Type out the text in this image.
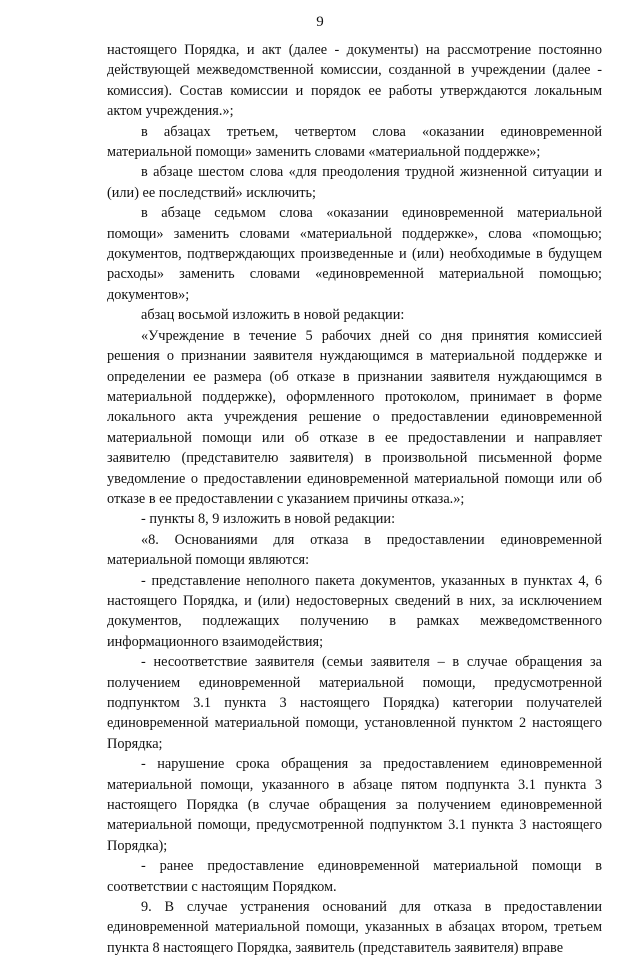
9

настоящего Порядка, и акт (далее - документы) на рассмотрение постоянно действующей межведомственной комиссии, созданной в учреждении (далее - комиссия). Состав комиссии и порядок ее работы утверждаются локальным актом учреждения.»;

в абзацах третьем, четвертом слова «оказании единовременной материальной помощи» заменить словами «материальной поддержке»;

в абзаце шестом слова «для преодоления трудной жизненной ситуации и (или) ее последствий» исключить;

в абзаце седьмом слова «оказании единовременной материальной помощи» заменить словами «материальной поддержке», слова «помощью; документов, подтверждающих произведенные и (или) необходимые в будущем расходы» заменить словами «единовременной материальной помощью; документов»;

абзац восьмой изложить в новой редакции:

«Учреждение в течение 5 рабочих дней со дня принятия комиссией решения о признании заявителя нуждающимся в материальной поддержке и определении ее размера (об отказе в признании заявителя нуждающимся в материальной поддержке), оформленного протоколом, принимает в форме локального акта учреждения решение о предоставлении единовременной материальной помощи или об отказе в ее предоставлении и направляет заявителю (представителю заявителя) в произвольной письменной форме уведомление о предоставлении единовременной материальной помощи или об отказе в ее предоставлении с указанием причины отказа.»;

- пункты 8, 9 изложить в новой редакции:

«8. Основаниями для отказа в предоставлении единовременной материальной помощи являются:

- представление неполного пакета документов, указанных в пунктах 4, 6 настоящего Порядка, и (или) недостоверных сведений в них, за исключением документов, подлежащих получению в рамках межведомственного информационного взаимодействия;

- несоответствие заявителя (семьи заявителя – в случае обращения за получением единовременной материальной помощи, предусмотренной подпунктом 3.1 пункта 3 настоящего Порядка) категории получателей единовременной материальной помощи, установленной пунктом 2 настоящего Порядка;

- нарушение срока обращения за предоставлением единовременной материальной помощи, указанного в абзаце пятом подпункта 3.1 пункта 3 настоящего Порядка (в случае обращения за получением единовременной материальной помощи, предусмотренной подпунктом 3.1 пункта 3 настоящего Порядка);

- ранее предоставление единовременной материальной помощи в соответствии с настоящим Порядком.

9. В случае устранения оснований для отказа в предоставлении единовременной материальной помощи, указанных в абзацах втором, третьем пункта 8 настоящего Порядка, заявитель (представитель заявителя) вправе
